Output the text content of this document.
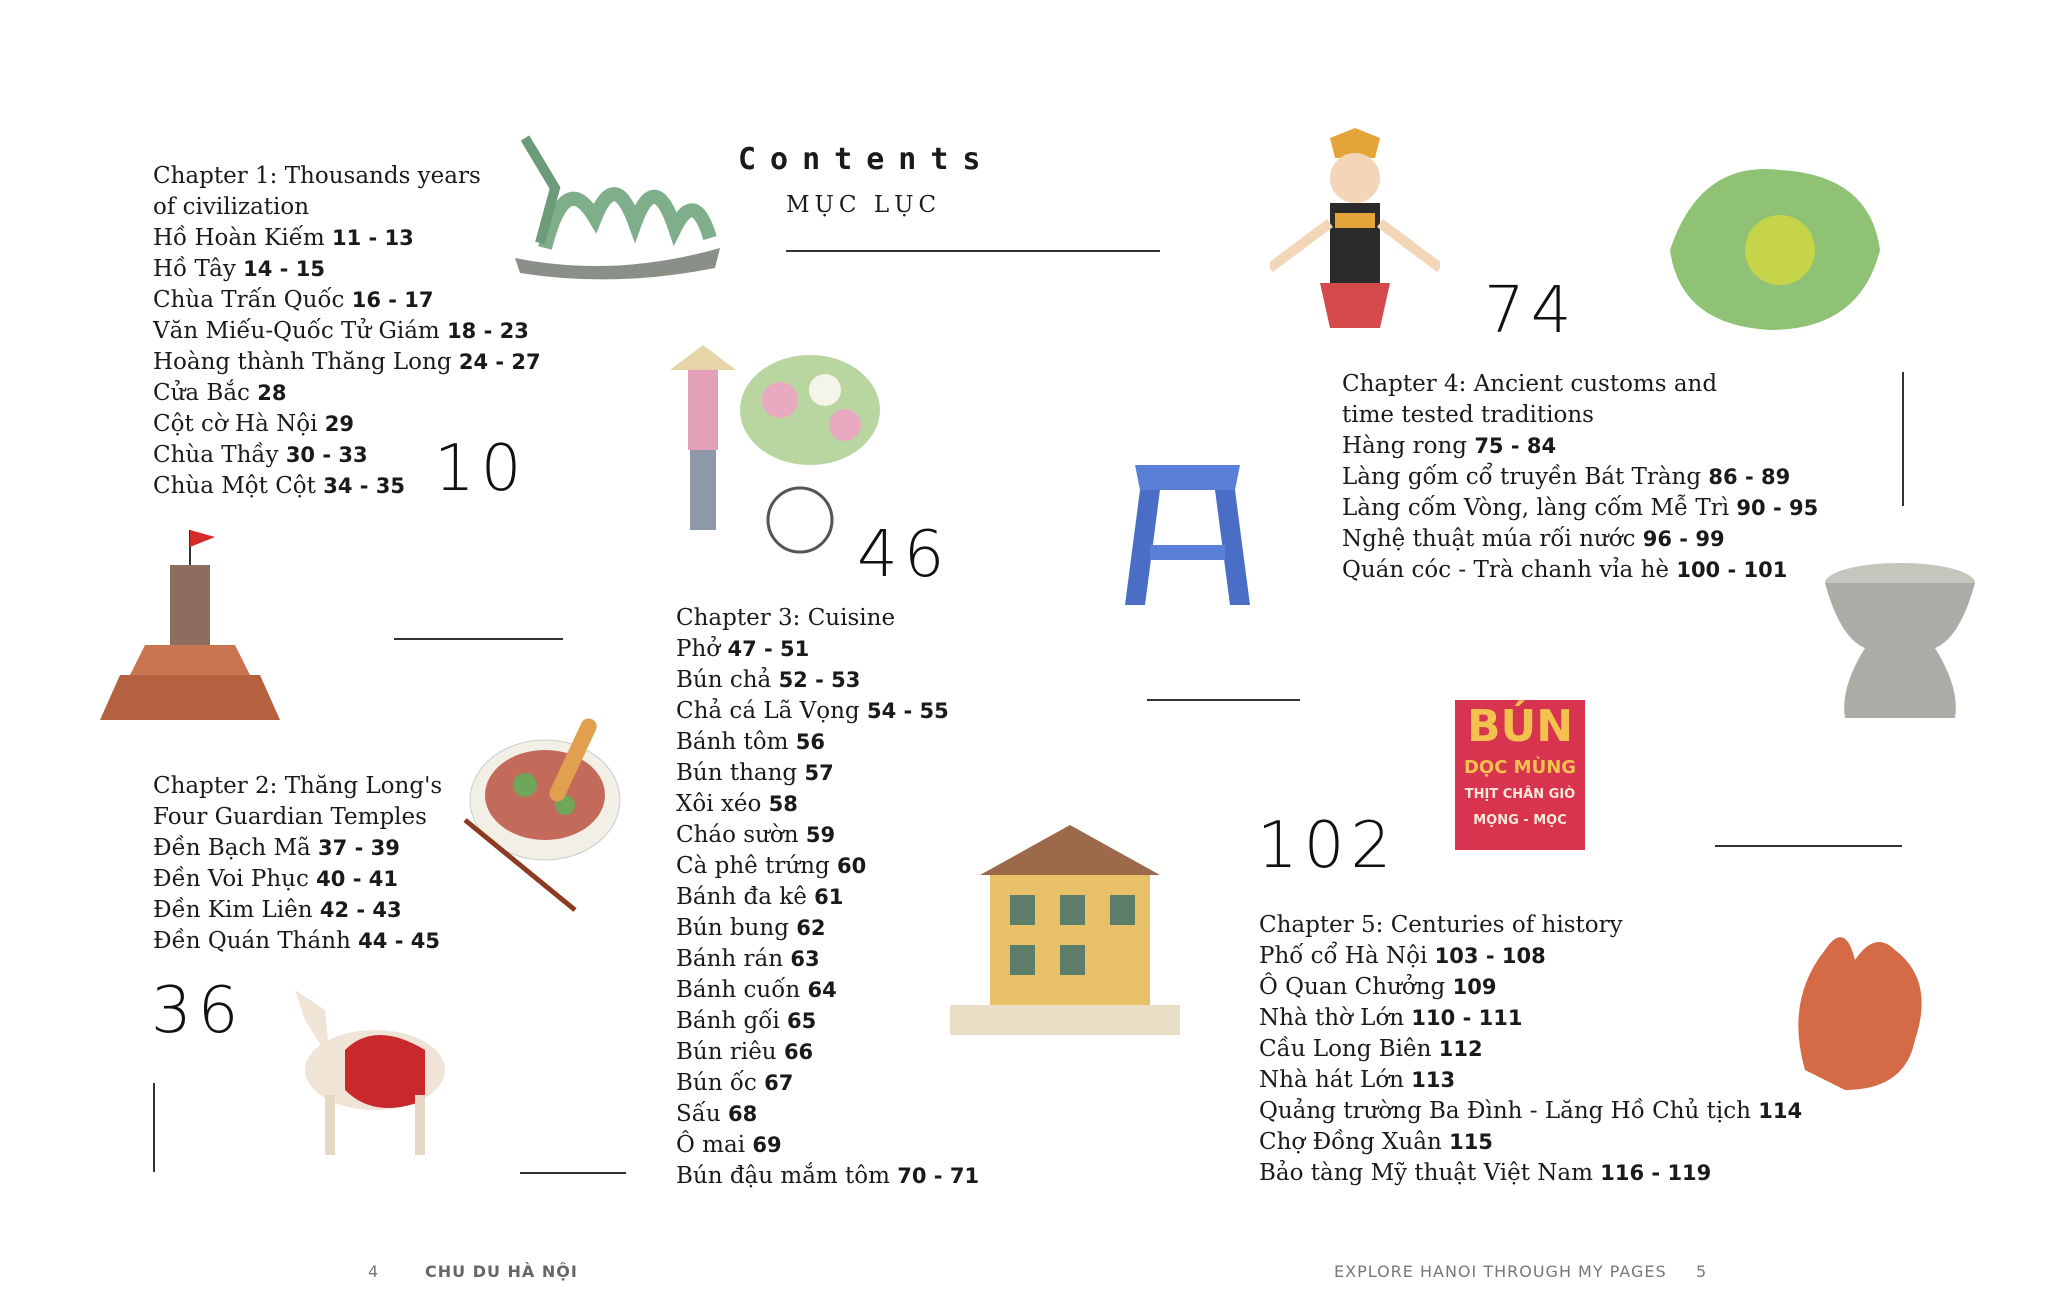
Contents
MỤC LỤC
Chapter 1: Thousands years
of civilization
Hồ Hoàn Kiếm 11 - 13
Hồ Tây 14 - 15
Chùa Trấn Quốc 16 - 17
Văn Miếu-Quốc Tử Giám 18 - 23
Hoàng thành Thăng Long 24 - 27
Cửa Bắc 28
Cột cờ Hà Nội 29
Chùa Thầy 30 - 33
Chùa Một Cột 34 - 35
Chapter 2: Thăng Long's
Four Guardian Temples
Đền Bạch Mã 37 - 39
Đền Voi Phục 40 - 41
Đền Kim Liên 42 - 43
Đền Quán Thánh 44 - 45
Chapter 3: Cuisine
Phở 47 - 51
Bún chả 52 - 53
Chả cá Lã Vọng 54 - 55
Bánh tôm 56
Bún thang 57
Xôi xéo 58
Cháo sườn 59
Cà phê trứng 60
Bánh đa kê 61
Bún bung 62
Bánh rán 63
Bánh cuốn 64
Bánh gối 65
Bún riêu 66
Bún ốc 67
Sấu 68
Ô mai 69
Bún đậu mắm tôm 70 - 71
Chapter 4: Ancient customs and
time tested traditions
Hàng rong 75 - 84
Làng gốm cổ truyền Bát Tràng 86 - 89
Làng cốm Vòng, làng cốm Mễ Trì 90 - 95
Nghệ thuật múa rối nước 96 - 99
Quán cóc - Trà chanh vỉa hè 100 - 101
Chapter 5: Centuries of history
Phố cổ Hà Nội 103 - 108
Ô Quan Chưởng 109
Nhà thờ Lớn 110 - 111
Cầu Long Biên 112
Nhà hát Lớn 113
Quảng trường Ba Đình - Lăng Hồ Chủ tịch 114
Chợ Đồng Xuân 115
Bảo tàng Mỹ thuật Việt Nam 116 - 119
10
36
46
74
102
BÚN
DỌC MÙNG
THỊT CHÂN GIÒ
MỌNG - MỌC
4	CHU DU HÀ NỘI	EXPLORE HANOI THROUGH MY PAGES 5
